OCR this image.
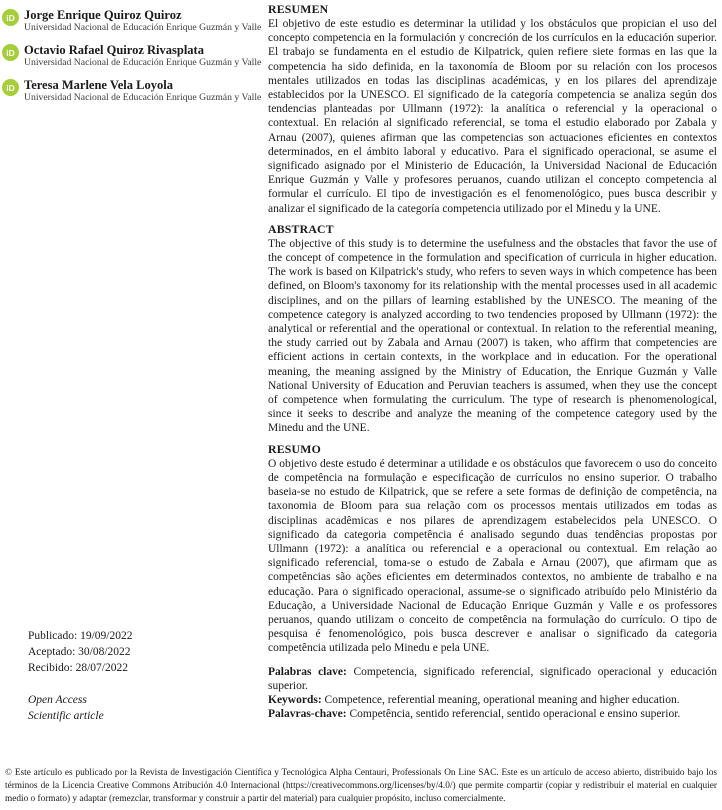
iD Jorge Enrique Quiroz Quiroz
Universidad Nacional de Educación Enrique Guzmán y Valle
iD Octavio Rafael Quiroz Rivasplata
Universidad Nacional de Educación Enrique Guzmán y Valle
iD Teresa Marlene Vela Loyola
Universidad Nacional de Educación Enrique Guzmán y Valle
Publicado: 19/09/2022
Aceptado: 30/08/2022
Recibido: 28/07/2022
Open Access
Scientific article
RESUMEN

El objetivo de este estudio es determinar la utilidad y los obstáculos que propician el uso del concepto competencia en la formulación y concreción de los currículos en la educación superior. El trabajo se fundamenta en el estudio de Kilpatrick, quien refiere siete formas en las que la competencia ha sido definida, en la taxonomía de Bloom por su relación con los procesos mentales utilizados en todas las disciplinas académicas, y en los pilares del aprendizaje establecidos por la UNESCO. El significado de la categoría competencia se analiza según dos tendencias planteadas por Ullmann (1972): la analítica o referencial y la operacional o contextual. En relación al significado referencial, se toma el estudio elaborado por Zabala y Arnau (2007), quienes afirman que las competencias son actuaciones eficientes en contextos determinados, en el ámbito laboral y educativo. Para el significado operacional, se asume el significado asignado por el Ministerio de Educación, la Universidad Nacional de Educación Enrique Guzmán y Valle y profesores peruanos, cuando utilizan el concepto competencia al formular el currículo. El tipo de investigación es el fenomenológico, pues busca describir y analizar el significado de la categoría competencia utilizado por el Minedu y la UNE.

ABSTRACT

The objective of this study is to determine the usefulness and the obstacles that favor the use of the concept of competence in the formulation and specification of curricula in higher education. The work is based on Kilpatrick's study, who refers to seven ways in which competence has been defined, on Bloom's taxonomy for its relationship with the mental processes used in all academic disciplines, and on the pillars of learning established by the UNESCO. The meaning of the competence category is analyzed according to two tendencies proposed by Ullmann (1972): the analytical or referential and the operational or contextual. In relation to the referential meaning, the study carried out by Zabala and Arnau (2007) is taken, who affirm that competencies are efficient actions in certain contexts, in the workplace and in education. For the operational meaning, the meaning assigned by the Ministry of Education, the Enrique Guzmán y Valle National University of Education and Peruvian teachers is assumed, when they use the concept of competence when formulating the curriculum. The type of research is phenomenological, since it seeks to describe and analyze the meaning of the competence category used by the Minedu and the UNE.

RESUMO

O objetivo deste estudo é determinar a utilidade e os obstáculos que favorecem o uso do conceito de competência na formulação e especificação de currículos no ensino superior. O trabalho baseia-se no estudo de Kilpatrick, que se refere a sete formas de definição de competência, na taxonomia de Bloom para sua relação com os processos mentais utilizados em todas as disciplinas acadêmicas e nos pilares de aprendizagem estabelecidos pela UNESCO. O significado da categoria competência é analisado segundo duas tendências propostas por Ullmann (1972): a analítica ou referencial e a operacional ou contextual. Em relação ao significado referencial, toma-se o estudo de Zabala e Arnau (2007), que afirmam que as competências são ações eficientes em determinados contextos, no ambiente de trabalho e na educação. Para o significado operacional, assume-se o significado atribuído pelo Ministério da Educação, a Universidade Nacional de Educação Enrique Guzmán y Valle e os professores peruanos, quando utilizam o conceito de competência na formulação do currículo. O tipo de pesquisa é fenomenológico, pois busca descrever e analisar o significado da categoria competência utilizada pelo Minedu e pela UNE.

Palabras clave: Competencia, significado referencial, significado operacional y educación superior.
Keywords: Competence, referential meaning, operational meaning and higher education.
Palavras-chave: Competência, sentido referencial, sentido operacional e ensino superior.
© Este artículo es publicado por la Revista de Investigación Científica y Tecnológica Alpha Centauri, Professionals On Line SAC. Este es un artículo de acceso abierto, distribuido bajo los términos de la Licencia Creative Commons Atribución 4.0 Internacional (https://creativecommons.org/licenses/by/4.0/) que permite compartir (copiar y redistribuir el material en cualquier medio o formato) y adaptar (remezclar, transformar y construir a partir del material) para cualquier propósito, incluso comercialmente.
